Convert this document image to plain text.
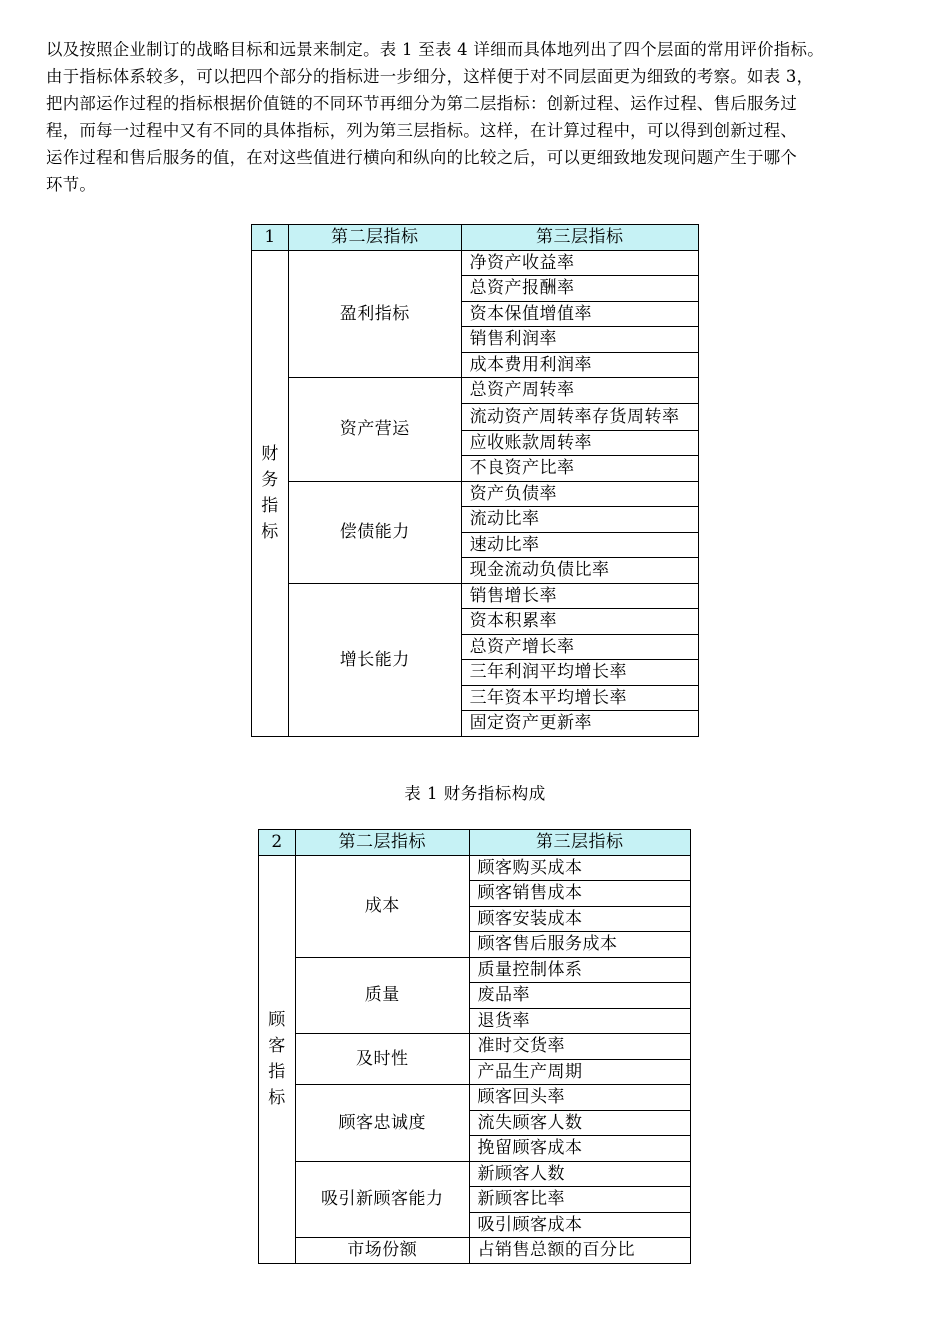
以及按照企业制订的战略目标和远景来制定。表 1 至表 4 详细而具体地列出了四个层面的常用评价指标。
由于指标体系较多，可以把四个部分的指标进一步细分，这样便于对不同层面更为细致的考察。如表 3，
把内部运作过程的指标根据价值链的不同环节再细分为第二层指标：创新过程、运作过程、售后服务过
程，而每一过程中又有不同的具体指标，列为第三层指标。这样，在计算过程中，可以得到创新过程、
运作过程和售后服务的值，在对这些值进行横向和纵向的比较之后，可以更细致地发现问题产生于哪个
环节。
1	第二层指标	第三层指标

财
务
指
标	盈利指标	净资产收益率
		总资产报酬率
		资本保值增值率
		销售利润率
		成本费用利润率
	资产营运	总资产周转率
		流动资产周转率存货周转率
		应收账款周转率
		不良资产比率
	偿债能力	资产负债率
		流动比率
		速动比率
		现金流动负债比率
	增长能力	销售增长率
		资本积累率
		总资产增长率
		三年利润平均增长率
		三年资本平均增长率
		固定资产更新率
表 1 财务指标构成
2	第二层指标	第三层指标

顾
客
指
标	成本	顾客购买成本
		顾客销售成本
		顾客安装成本
		顾客售后服务成本
	质量	质量控制体系
		废品率
		退货率
	及时性	准时交货率
		产品生产周期
	顾客忠诚度	顾客回头率
		流失顾客人数
		挽留顾客成本
	吸引新顾客能力	新顾客人数
		新顾客比率
		吸引顾客成本
	市场份额	占销售总额的百分比
